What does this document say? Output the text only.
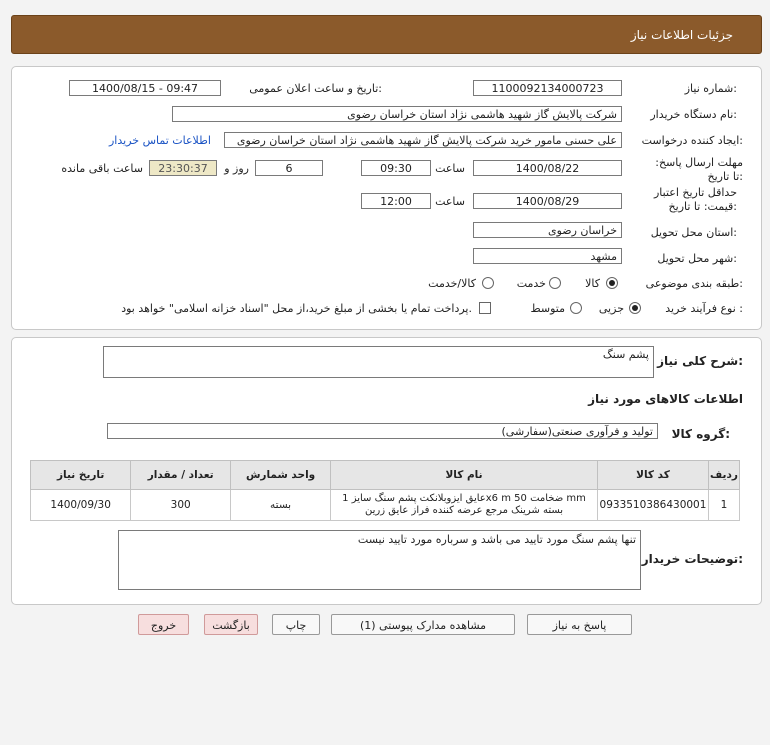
جزئیات اطلاعات نیاز
شماره نیاز:
1100092134000723
تاریخ و ساعت اعلان عمومی:
1400/08/15 - 09:47
نام دستگاه خریدار:
شرکت پالایش گاز شهید هاشمی نژاد استان خراسان رضوی
ایجاد کننده درخواست:
علی حسنی مامور خرید شرکت پالایش گاز شهید هاشمی نژاد استان خراسان رضوی
اطلاعات تماس خریدار
مهلت ارسال پاسخ: تا تاریخ:
1400/08/22
ساعت
09:30
6
روز و
23:30:37
ساعت باقی مانده
حداقل تاریخ اعتبار قیمت: تا تاریخ:
1400/08/29
ساعت
12:00
استان محل تحویل:
خراسان رضوی
شهر محل تحویل:
مشهد
طبقه بندی موضوعی:
کالا
خدمت
کالا/خدمت
نوع فرآیند خرید :
جزیی
متوسط
پرداخت تمام یا بخشی از مبلغ خرید،از محل "اسناد خزانه اسلامی" خواهد بود.
شرح کلی نیاز:
پشم سنگ
اطلاعات کالاهای مورد نیاز
گروه کالا:
تولید و فرآوری صنعتی(سفارشی)
تاریخ نیاز	تعداد / مقدار	واحد شمارش	نام کالا	کد کالا	ردیف
1400/09/30	300	بسته	عایق ایزوبلانکت پشم سنگ سایز 1x6 m ضخامت 50 mm
بسته شرینک مرجع عرضه کننده فراز عایق زرین	0933510386430001	1
توضیحات خریدار:
تنها پشم سنگ مورد تایید می باشد و سرباره مورد تایید نیست
پاسخ به نیاز
مشاهده مدارک پیوستی (1)
چاپ
بازگشت
خروج
